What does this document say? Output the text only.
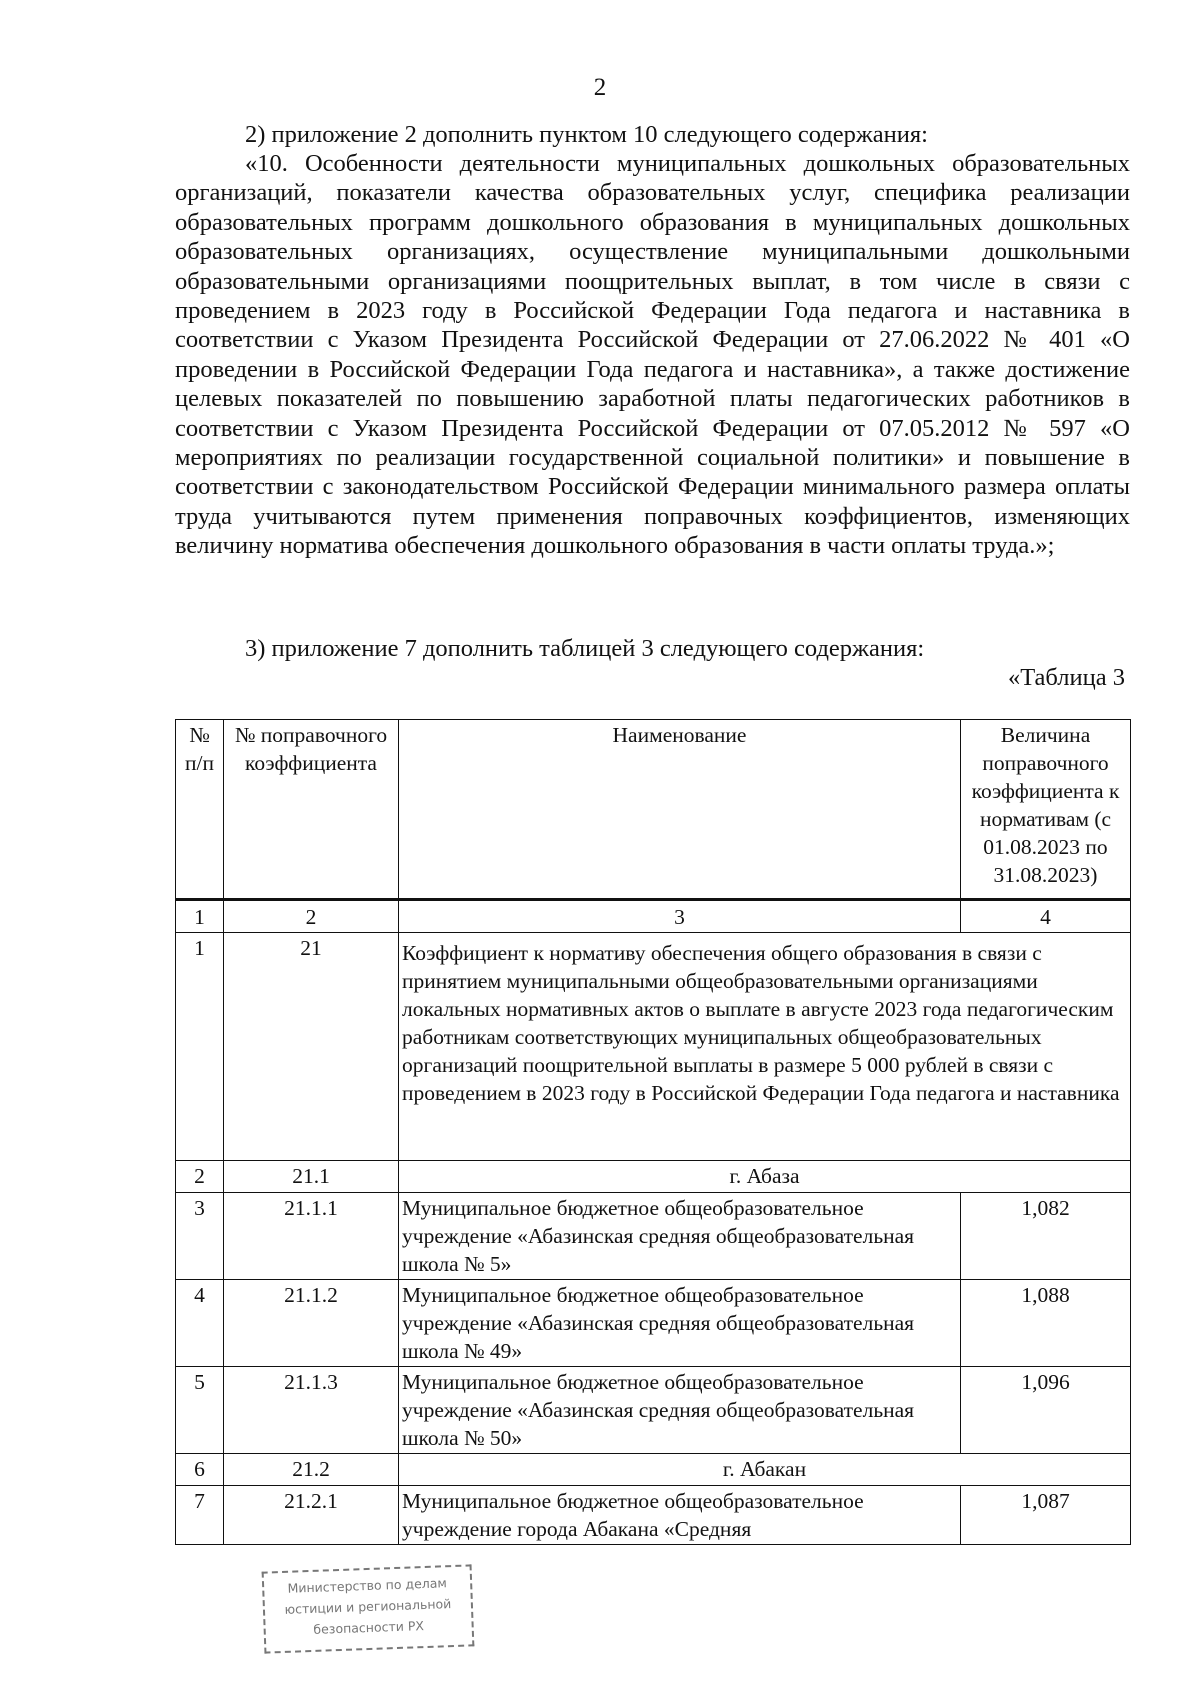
2
2) приложение 2 дополнить пунктом 10 следующего содержания:
«10. Особенности деятельности муниципальных дошкольных образовательных организаций, показатели качества образовательных услуг, специфика реализации образовательных программ дошкольного образования в муниципальных дошкольных образовательных организациях, осуществление муниципальными дошкольными образовательными организациями поощрительных выплат, в том числе в связи с проведением в 2023 году в Российской Федерации Года педагога и наставника в соответствии с Указом Президента Российской Федерации от 27.06.2022 № 401 «О проведении в Российской Федерации Года педагога и наставника», а также достижение целевых показателей по повышению заработной платы педагогических работников в соответствии с Указом Президента Российской Федерации от 07.05.2012 № 597 «О мероприятиях по реализации государственной социальной политики» и повышение в соответствии с законодательством Российской Федерации минимального размера оплаты труда учитываются путем применения поправочных коэффициентов, изменяющих величину норматива обеспечения дошкольного образования в части оплаты труда.»;
3) приложение 7 дополнить таблицей 3 следующего содержания:
«Таблица 3
№ п/п	№ поправочного коэффициента	Наименование	Величина поправочного коэффициента к нормативам (с 01.08.2023 по 31.08.2023)
1	2	3	4
1	21	Коэффициент к нормативу обеспечения общего образования в связи с принятием муниципальными общеобразовательными организациями локальных нормативных актов о выплате в августе 2023 года педагогическим работникам соответствующих муниципальных общеобразовательных организаций поощрительной выплаты в размере 5 000 рублей в связи с проведением в 2023 году в Российской Федерации Года педагога и наставника	
2	21.1	г. Абаза	
3	21.1.1	Муниципальное бюджетное общеобразовательное учреждение «Абазинская средняя общеобразовательная школа № 5»	1,082
4	21.1.2	Муниципальное бюджетное общеобразовательное учреждение «Абазинская средняя общеобразовательная школа № 49»	1,088
5	21.1.3	Муниципальное бюджетное общеобразовательное учреждение «Абазинская средняя общеобразовательная школа № 50»	1,096
6	21.2	г. Абакан	
7	21.2.1	Муниципальное бюджетное общеобразовательное учреждение города Абакана «Средняя	1,087
Министерство по делам
юстиции и региональной
безопасности РХ
